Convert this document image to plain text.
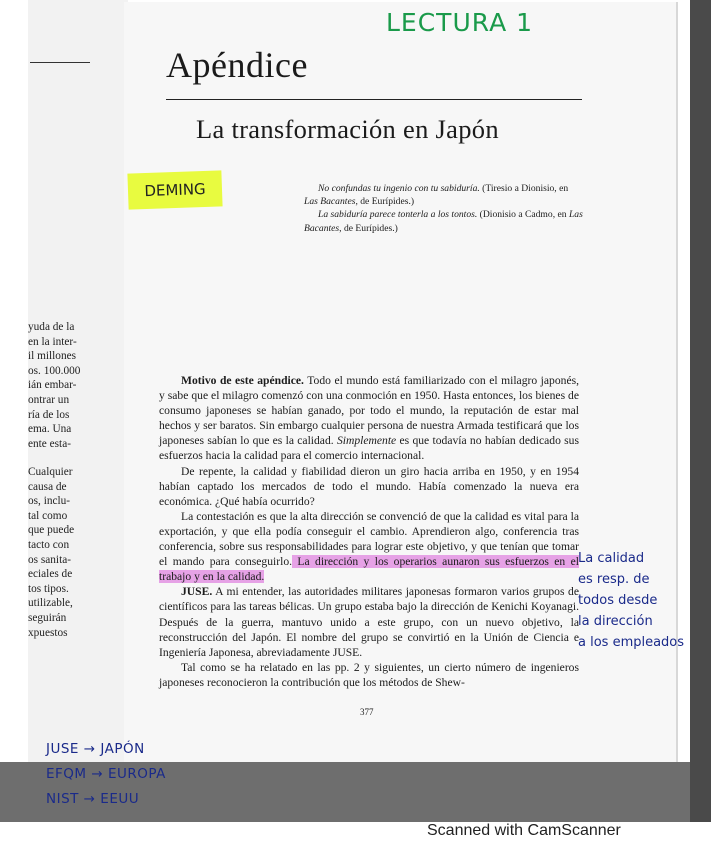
yuda de la
en la inter-
il millones
os. 100.000
ián embar-
ontrar un
ría de los
ema. Una
ente esta-
Cualquier
causa de
os, inclu-
tal como
que puede
tacto con
os sanita-
eciales de
tos tipos.
utilizable,
seguirán
xpuestos
Apéndice
La transformación en Japón

No confundas tu ingenio con tu sabiduría. (Tiresio a Dionisio, en Las Bacantes, de Eurípides.)

La sabiduría parece tonterla a los tontos. (Dionisio a Cadmo, en Las Bacantes, de Eurípides.)

Motivo de este apéndice. Todo el mundo está familiarizado con el milagro japonés, y sabe que el milagro comenzó con una conmoción en 1950. Hasta entonces, los bienes de consumo japoneses se habían ganado, por todo el mundo, la reputación de estar mal hechos y ser baratos. Sin embargo cualquier persona de nuestra Armada testificará que los japoneses sabían lo que es la calidad. Simplemente es que todavía no habían dedicado sus esfuerzos hacia la calidad para el comercio internacional.

De repente, la calidad y fiabilidad dieron un giro hacia arriba en 1950, y en 1954 habían captado los mercados de todo el mundo. Había comenzado la nueva era económica. ¿Qué había ocurrido?

La contestación es que la alta dirección se convenció de que la calidad es vital para la exportación, y que ella podía conseguir el cambio. Aprendieron algo, conferencia tras conferencia, sobre sus responsabilidades para lograr este objetivo, y que tenían que tomar el mando para conseguirlo. La dirección y los operarios aunaron sus esfuerzos en el trabajo y en la calidad.

JUSE. A mi entender, las autoridades militares japonesas formaron varios grupos de científicos para las tareas bélicas. Un grupo estaba bajo la dirección de Kenichi Koyanagi. Después de la guerra, mantuvo unido a este grupo, con un nuevo objetivo, la reconstrucción del Japón. El nombre del grupo se convirtió en la Unión de Ciencia e Ingeniería Japonesa, abreviadamente JUSE.

Tal como se ha relatado en las pp. 2 y siguientes, un cierto número de ingenieros japoneses reconocieron la contribución que los métodos de Shew-

377
LECTURA 1
DEMING
La calidad
es resp. de
todos desde
la dirección
a los empleados
JUSE → JAPÓN
EFQM → EUROPA
NIST → EEUU
Scanned with CamScanner
